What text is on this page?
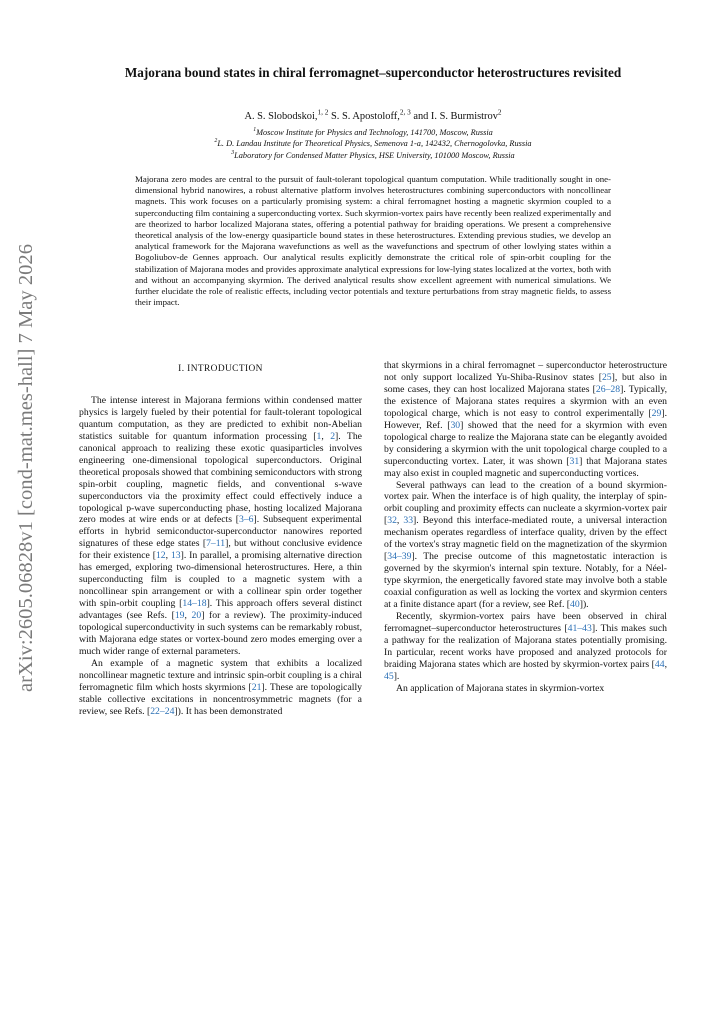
arXiv:2605.06828v1 [cond-mat.mes-hall] 7 May 2026
Majorana bound states in chiral ferromagnet–superconductor heterostructures revisited
A. S. Slobodskoi,$^{1, 2}$ S. S. Apostoloff,$^{2, 3}$ and I. S. Burmistrov$^2$
$^1$Moscow Institute for Physics and Technology, 141700, Moscow, Russia
$^2$L. D. Landau Institute for Theoretical Physics, Semenova 1-a, 142432, Chernogolovka, Russia
$^3$Laboratory for Condensed Matter Physics, HSE University, 101000 Moscow, Russia
Majorana zero modes are central to the pursuit of fault-tolerant topological quantum computation. While traditionally sought in one-dimensional hybrid nanowires, a robust alternative platform involves heterostructures combining superconductors with noncollinear magnets. This work focuses on a particularly promising system: a chiral ferromagnet hosting a magnetic skyrmion coupled to a superconducting film containing a superconducting vortex. Such skyrmion-vortex pairs have recently been realized experimentally and are theorized to harbor localized Majorana states, offering a potential pathway for braiding operations. We present a comprehensive theoretical analysis of the low-energy quasiparticle bound states in these heterostructures. Extending previous studies, we develop an analytical framework for the Majorana wavefunctions as well as the wavefunctions and spectrum of other lowlying states within a Bogoliubov-de Gennes approach. Our analytical results explicitly demonstrate the critical role of spin-orbit coupling for the stabilization of Majorana modes and provides approximate analytical expressions for low-lying states localized at the vortex, both with and without an accompanying skyrmion. The derived analytical results show excellent agreement with numerical simulations. We further elucidate the role of realistic effects, including vector potentials and texture perturbations from stray magnetic fields, to assess their impact.
I. INTRODUCTION

The intense interest in Majorana fermions within condensed matter physics is largely fueled by their potential for fault-tolerant topological quantum computation, as they are predicted to exhibit non-Abelian statistics suitable for quantum information processing [1, 2]. The canonical approach to realizing these exotic quasiparticles involves engineering one-dimensional topological superconductors. Original theoretical proposals showed that combining semiconductors with strong spin-orbit coupling, magnetic fields, and conventional s-wave superconductors via the proximity effect could effectively induce a topological p-wave superconducting phase, hosting localized Majorana zero modes at wire ends or at defects [3–6]. Subsequent experimental efforts in hybrid semiconductor-superconductor nanowires reported signatures of these edge states [7–11], but without conclusive evidence for their existence [12, 13]. In parallel, a promising alternative direction has emerged, exploring two-dimensional heterostructures. Here, a thin superconducting film is coupled to a magnetic system with a noncollinear spin arrangement or with a collinear spin order together with spin-orbit coupling [14–18]. This approach offers several distinct advantages (see Refs. [19, 20] for a review). The proximity-induced topological superconductivity in such systems can be remarkably robust, with Majorana edge states or vortex-bound zero modes emerging over a much wider range of external parameters.

An example of a magnetic system that exhibits a localized noncollinear magnetic texture and intrinsic spin-orbit coupling is a chiral ferromagnetic film which hosts skyrmions [21]. These are topologically stable collective excitations in noncentrosymmetric magnets (for a review, see Refs. [22–24]). It has been demonstrated

that skyrmions in a chiral ferromagnet – superconductor heterostructure not only support localized Yu-Shiba-Rusinov states [25], but also in some cases, they can host localized Majorana states [26–28]. Typically, the existence of Majorana states requires a skyrmion with an even topological charge, which is not easy to control experimentally [29]. However, Ref. [30] showed that the need for a skyrmion with even topological charge to realize the Majorana state can be elegantly avoided by considering a skyrmion with the unit topological charge coupled to a superconducting vortex. Later, it was shown [31] that Majorana states may also exist in coupled magnetic and superconducting vortices.

Several pathways can lead to the creation of a bound skyrmion-vortex pair. When the interface is of high quality, the interplay of spin-orbit coupling and proximity effects can nucleate a skyrmion-vortex pair [32, 33]. Beyond this interface-mediated route, a universal interaction mechanism operates regardless of interface quality, driven by the effect of the vortex's stray magnetic field on the magnetization of the skyrmion [34–39]. The precise outcome of this magnetostatic interaction is governed by the skyrmion's internal spin texture. Notably, for a Néel-type skyrmion, the energetically favored state may involve both a stable coaxial configuration as well as locking the vortex and skyrmion centers at a finite distance apart (for a review, see Ref. [40]).

Recently, skyrmion-vortex pairs have been observed in chiral ferromagnet–superconductor heterostructures [41–43]. This makes such a pathway for the realization of Majorana states potentially promising. In particular, recent works have proposed and analyzed protocols for braiding Majorana states which are hosted by skyrmion-vortex pairs [44, 45].

An application of Majorana states in skyrmion-vortex
